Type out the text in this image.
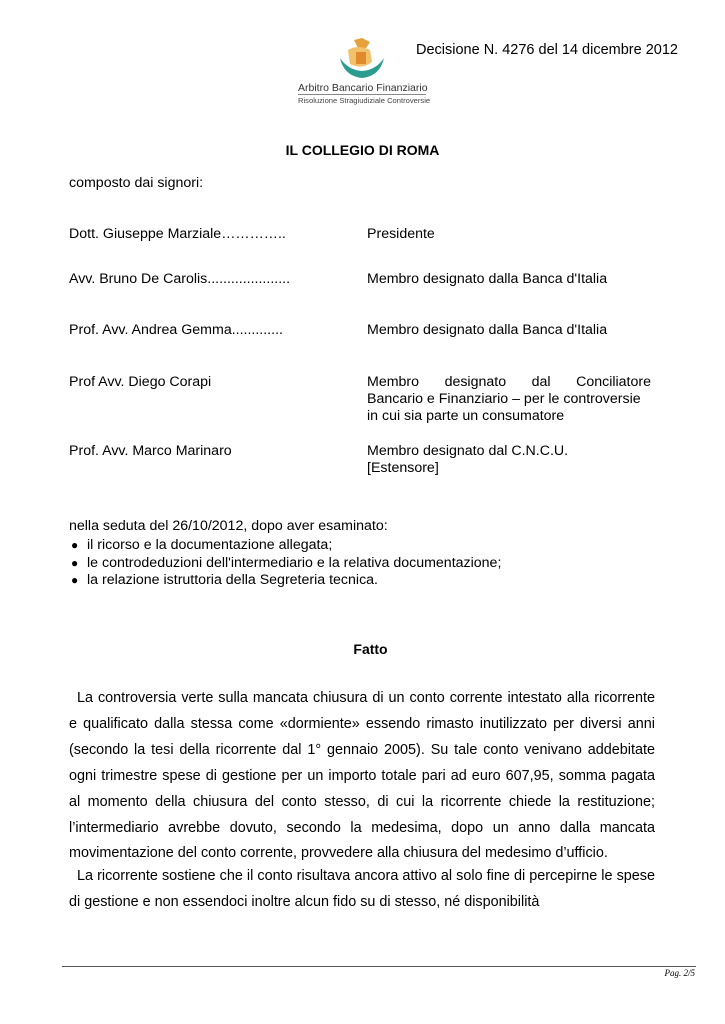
Decisione N. 4276 del 14 dicembre 2012
Arbitro Bancario Finanziario
Risoluzione Stragiudiziale Controversie
IL COLLEGIO DI ROMA
composto dai signori:
Dott. Giuseppe Marziale…………..	Presidente
Avv. Bruno De Carolis.....................	Membro designato dalla Banca d'Italia
Prof. Avv. Andrea Gemma.............	Membro designato dalla Banca d'Italia
Prof Avv. Diego Corapi	Membro designato dal Conciliatore
Bancario e Finanziario – per le controversie
in cui sia parte un consumatore
Prof. Avv. Marco Marinaro	Membro designato dal C.N.C.U.
[Estensore]
nella seduta del 26/10/2012, dopo aver esaminato:
● il ricorso e la documentazione allegata;
● le controdeduzioni dell'intermediario e la relativa documentazione;
● la relazione istruttoria della Segreteria tecnica.
Fatto
La controversia verte sulla mancata chiusura di un conto corrente intestato alla ricorrente e qualificato dalla stessa come «dormiente» essendo rimasto inutilizzato per diversi anni (secondo la tesi della ricorrente dal 1° gennaio 2005). Su tale conto venivano addebitate ogni trimestre spese di gestione per un importo totale pari ad euro 607,95, somma pagata al momento della chiusura del conto stesso, di cui la ricorrente chiede la restituzione; l’intermediario avrebbe dovuto, secondo la medesima, dopo un anno dalla mancata movimentazione del conto corrente, provvedere alla chiusura del medesimo d’ufficio.
La ricorrente sostiene che il conto risultava ancora attivo al solo fine di percepirne le spese di gestione e non essendoci inoltre alcun fido su di stesso, né disponibilità
Pag. 2/5
